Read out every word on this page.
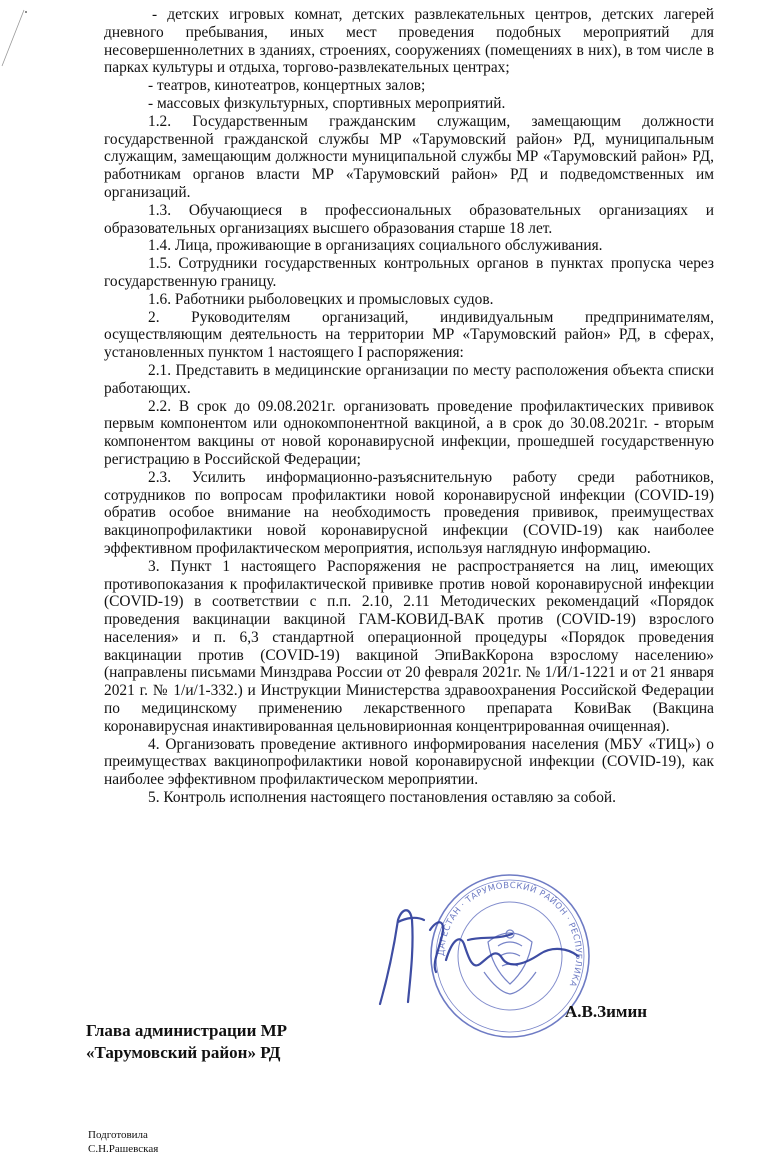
- детских игровых комнат, детских развлекательных центров, детских лагерей дневного пребывания, иных мест проведения подобных мероприятий для несовершеннолетних в зданиях, строениях, сооружениях (помещениях в них), в том числе в парках культуры и отдыха, торгово-развлекательных центрах;

- театров, кинотеатров, концертных залов;

- массовых физкультурных, спортивных мероприятий.

1.2. Государственным гражданским служащим, замещающим должности государственной гражданской службы МР «Тарумовский район» РД, муниципальным служащим, замещающим должности муниципальной службы МР «Тарумовский район» РД, работникам органов власти МР «Тарумовский район» РД и подведомственных им организаций.

1.3. Обучающиеся в профессиональных образовательных организациях и образовательных организациях высшего образования старше 18 лет.

1.4. Лица, проживающие в организациях социального обслуживания.

1.5. Сотрудники государственных контрольных органов в пунктах пропуска через государственную границу.

1.6. Работники рыболовецких и промысловых судов.

2. Руководителям организаций, индивидуальным предпринимателям, осуществляющим деятельность на территории МР «Тарумовский район» РД, в сферах, установленных пунктом 1 настоящего I распоряжения:

2.1. Представить в медицинские организации по месту расположения объекта списки работающих.

2.2. В срок до 09.08.2021г. организовать проведение профилактических прививок первым компонентом или однокомпонентной вакциной, а в срок до 30.08.2021г. - вторым компонентом вакцины от новой коронавирусной инфекции, прошедшей государственную регистрацию в Российской Федерации;

2.3. Усилить информационно-разъяснительную работу среди работников, сотрудников по вопросам профилактики новой коронавирусной инфекции (COVID-19) обратив особое внимание на необходимость проведения прививок, преимуществах вакцинопрофилактики новой коронавирусной инфекции (COVID-19) как наиболее эффективном профилактическом мероприятия, используя наглядную информацию.

3. Пункт 1 настоящего Распоряжения не распространяется на лиц, имеющих противопоказания к профилактической прививке против новой коронавирусной инфекции (COVID-19) в соответствии с п.п. 2.10, 2.11 Методических рекомендаций «Порядок проведения вакцинации вакциной ГАМ-КОВИД-ВАК против (COVID-19) взрослого населения» и п. 6,3 стандартной операционной процедуры «Порядок проведения вакцинации против (COVID-19) вакциной ЭпиВакКорона взрослому населению» (направлены письмами Минздрава России от 20 февраля 2021г. № 1/И/1-1221 и от 21 января 2021 г. № 1/и/1-332.) и Инструкции Министерства здравоохранения Российской Федерации по медицинскому применению лекарственного препарата КовиВак (Вакцина коронавирусная инактивированная цельновирионная концентрированная очищенная).

4. Организовать проведение активного информирования населения (МБУ «ТИЦ») о преимуществах вакцинопрофилактики новой коронавирусной инфекции (COVID-19), как наиболее эффективном профилактическом мероприятии.

5. Контроль исполнения настоящего постановления оставляю за собой.

ДАГЕСТАН · ТАРУМОВСКИЙ РАЙОН · РЕСПУБЛИКА
Глава администрации МР
«Тарумовский район» РД
А.В.Зимин
Подготовила
С.Н.Рашевская
